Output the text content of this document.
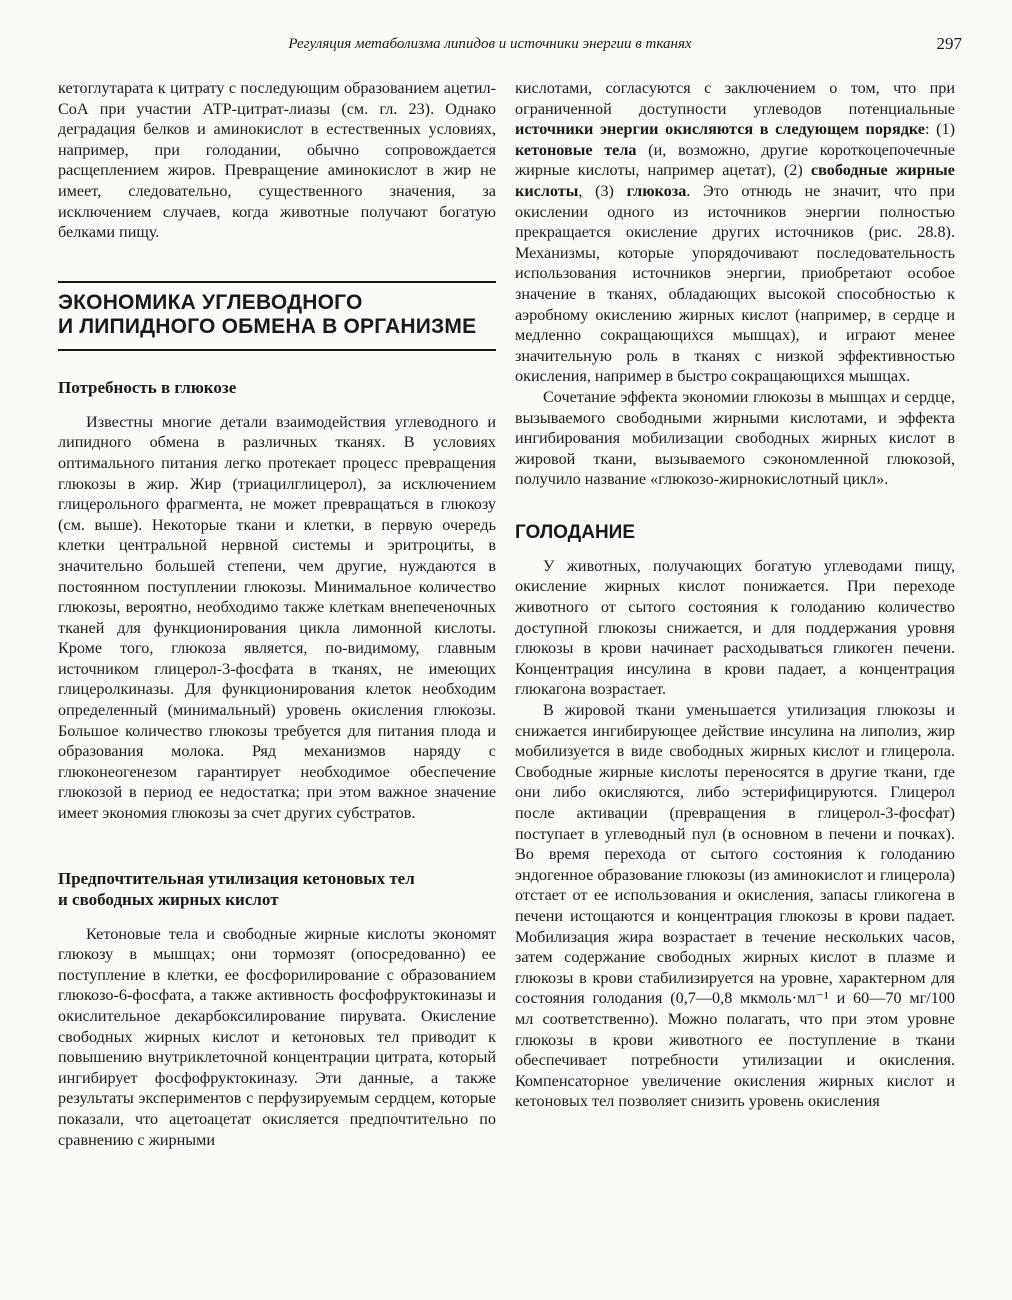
Регуляция метаболизма липидов и источники энергии в тканях	297

кетоглутарата к цитрату с последующим образованием ацетил-СоА при участии АТР-цитрат-лиазы (см. гл. 23). Однако деградация белков и аминокислот в естественных условиях, например, при голодании, обычно сопровождается расщеплением жиров. Превращение аминокислот в жир не имеет, следовательно, существенного значения, за исключением случаев, когда животные получают богатую белками пищу.

ЭКОНОМИКА УГЛЕВОДНОГО
И ЛИПИДНОГО ОБМЕНА В ОРГАНИЗМЕ
Потребность в глюкозе

Известны многие детали взаимодействия углеводного и липидного обмена в различных тканях. В условиях оптимального питания легко протекает процесс превращения глюкозы в жир. Жир (триацилглицерол), за исключением глицерольного фрагмента, не может превращаться в глюкозу (см. выше). Некоторые ткани и клетки, в первую очередь клетки центральной нервной системы и эритроциты, в значительно большей степени, чем другие, нуждаются в постоянном поступлении глюкозы. Минимальное количество глюкозы, вероятно, необходимо также клеткам внепеченочных тканей для функционирования цикла лимонной кислоты. Кроме того, глюкоза является, по-видимому, главным источником глицерол-3-фосфата в тканях, не имеющих глицеролкиназы. Для функционирования клеток необходим определенный (минимальный) уровень окисления глюкозы. Большое количество глюкозы требуется для питания плода и образования молока. Ряд механизмов наряду с глюконеогенезом гарантирует необходимое обеспечение глюкозой в период ее недостатка; при этом важное значение имеет экономия глюкозы за счет других субстратов.

Предпочтительная утилизация кетоновых тел
и свободных жирных кислот

Кетоновые тела и свободные жирные кислоты экономят глюкозу в мышцах; они тормозят (опосредованно) ее поступление в клетки, ее фосфорилирование с образованием глюкозо-6-фосфата, а также активность фосфофруктокиназы и окислительное декарбоксилирование пирувата. Окисление свободных жирных кислот и кетоновых тел приводит к повышению внутриклеточной концентрации цитрата, который ингибирует фосфофруктокиназу. Эти данные, а также результаты экспериментов с перфузируемым сердцем, которые показали, что ацетоацетат окисляется предпочтительно по сравнению с жирными

кислотами, согласуются с заключением о том, что при ограниченной доступности углеводов потенциальные источники энергии окисляются в следующем порядке: (1) кетоновые тела (и, возможно, другие короткоцепочечные жирные кислоты, например ацетат), (2) свободные жирные кислоты, (3) глюкоза. Это отнюдь не значит, что при окислении одного из источников энергии полностью прекращается окисление других источников (рис. 28.8). Механизмы, которые упорядочивают последовательность использования источников энергии, приобретают особое значение в тканях, обладающих высокой способностью к аэробному окислению жирных кислот (например, в сердце и медленно сокращающихся мышцах), и играют менее значительную роль в тканях с низкой эффективностью окисления, например в быстро сокращающихся мышцах.

Сочетание эффекта экономии глюкозы в мышцах и сердце, вызываемого свободными жирными кислотами, и эффекта ингибирования мобилизации свободных жирных кислот в жировой ткани, вызываемого сэкономленной глюкозой, получило название «глюкозо-жирнокислотный цикл».

ГОЛОДАНИЕ

У животных, получающих богатую углеводами пищу, окисление жирных кислот понижается. При переходе животного от сытого состояния к голоданию количество доступной глюкозы снижается, и для поддержания уровня глюкозы в крови начинает расходываться гликоген печени. Концентрация инсулина в крови падает, а концентрация глюкагона возрастает.

В жировой ткани уменьшается утилизация глюкозы и снижается ингибирующее действие инсулина на липолиз, жир мобилизуется в виде свободных жирных кислот и глицерола. Свободные жирные кислоты переносятся в другие ткани, где они либо окисляются, либо эстерифицируются. Глицерол после активации (превращения в глицерол-3-фосфат) поступает в углеводный пул (в основном в печени и почках). Во время перехода от сытого состояния к голоданию эндогенное образование глюкозы (из аминокислот и глицерола) отстает от ее использования и окисления, запасы гликогена в печени истощаются и концентрация глюкозы в крови падает. Мобилизация жира возрастает в течение нескольких часов, затем содержание свободных жирных кислот в плазме и глюкозы в крови стабилизируется на уровне, характерном для состояния голодания (0,7—0,8 мкмоль·мл⁻¹ и 60—70 мг/100 мл соответственно). Можно полагать, что при этом уровне глюкозы в крови животного ее поступление в ткани обеспечивает потребности утилизации и окисления. Компенсаторное увеличение окисления жирных кислот и кетоновых тел позволяет снизить уровень окисления
